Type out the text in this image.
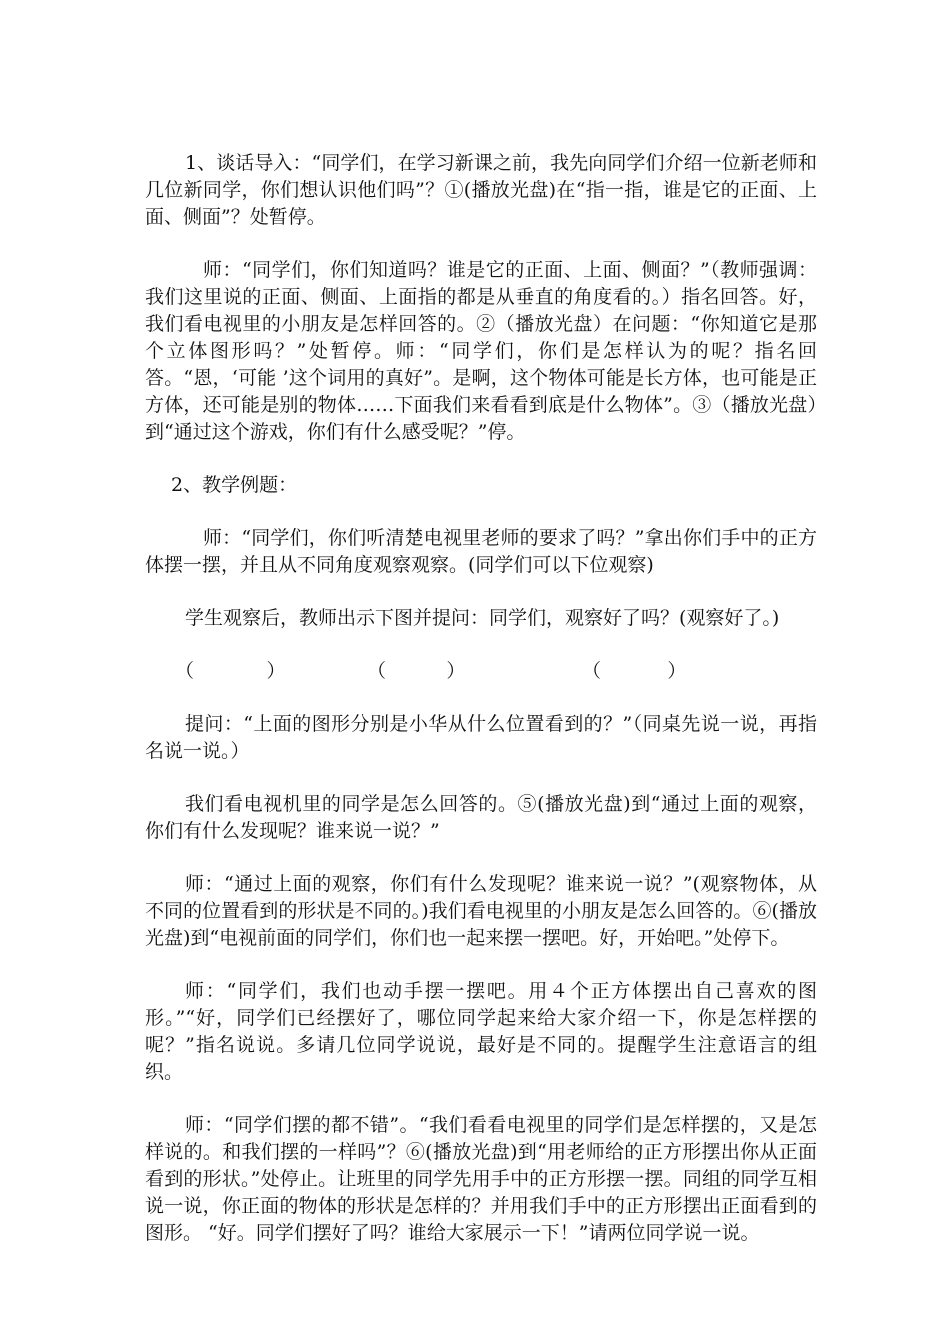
1、谈话导入：“同学们，在学习新课之前，我先向同学们介绍一位新老师和几位新同学，你们想认识他们吗”？①(播放光盘)在“指一指，谁是它的正面、上面、侧面”？处暂停。

师：“同学们，你们知道吗？谁是它的正面、上面、侧面？”（教师强调：我们这里说的正面、侧面、上面指的都是从垂直的角度看的。）指名回答。好，我们看电视里的小朋友是怎样回答的。②（播放光盘）在问题：“你知道它是那个立体图形吗？”处暂停。师：“同学们，你们是怎样认为的呢？指名回答。“恩，‘可能 ’这个词用的真好”。是啊，这个物体可能是长方体，也可能是正方体，还可能是别的物体……下面我们来看看到底是什么物体”。③（播放光盘）到“通过这个游戏，你们有什么感受呢？”停。

2、教学例题：

师：“同学们，你们听清楚电视里老师的要求了吗？”拿出你们手中的正方体摆一摆，并且从不同角度观察观察。(同学们可以下位观察)

学生观察后，教师出示下图并提问：同学们，观察好了吗？(观察好了。)

（            ）	（          ）	（           ）

提问：“上面的图形分别是小华从什么位置看到的？”（同桌先说一说，再指名说一说。）

我们看电视机里的同学是怎么回答的。⑤(播放光盘)到“通过上面的观察，你们有什么发现呢？谁来说一说？”

师：“通过上面的观察，你们有什么发现呢？谁来说一说？”(观察物体，从不同的位置看到的形状是不同的。)我们看电视里的小朋友是怎么回答的。⑥(播放光盘)到“电视前面的同学们，你们也一起来摆一摆吧。好，开始吧。”处停下。

师：“同学们，我们也动手摆一摆吧。用４个正方体摆出自己喜欢的图形。”“好，同学们已经摆好了，哪位同学起来给大家介绍一下，你是怎样摆的呢？”指名说说。多请几位同学说说，最好是不同的。提醒学生注意语言的组织。

师：“同学们摆的都不错”。“我们看看电视里的同学们是怎样摆的，又是怎样说的。和我们摆的一样吗”？⑥(播放光盘)到“用老师给的正方形摆出你从正面看到的形状。”处停止。让班里的同学先用手中的正方形摆一摆。同组的同学互相说一说，你正面的物体的形状是怎样的？并用我们手中的正方形摆出正面看到的图形。 “好。同学们摆好了吗？谁给大家展示一下！”请两位同学说一说。
